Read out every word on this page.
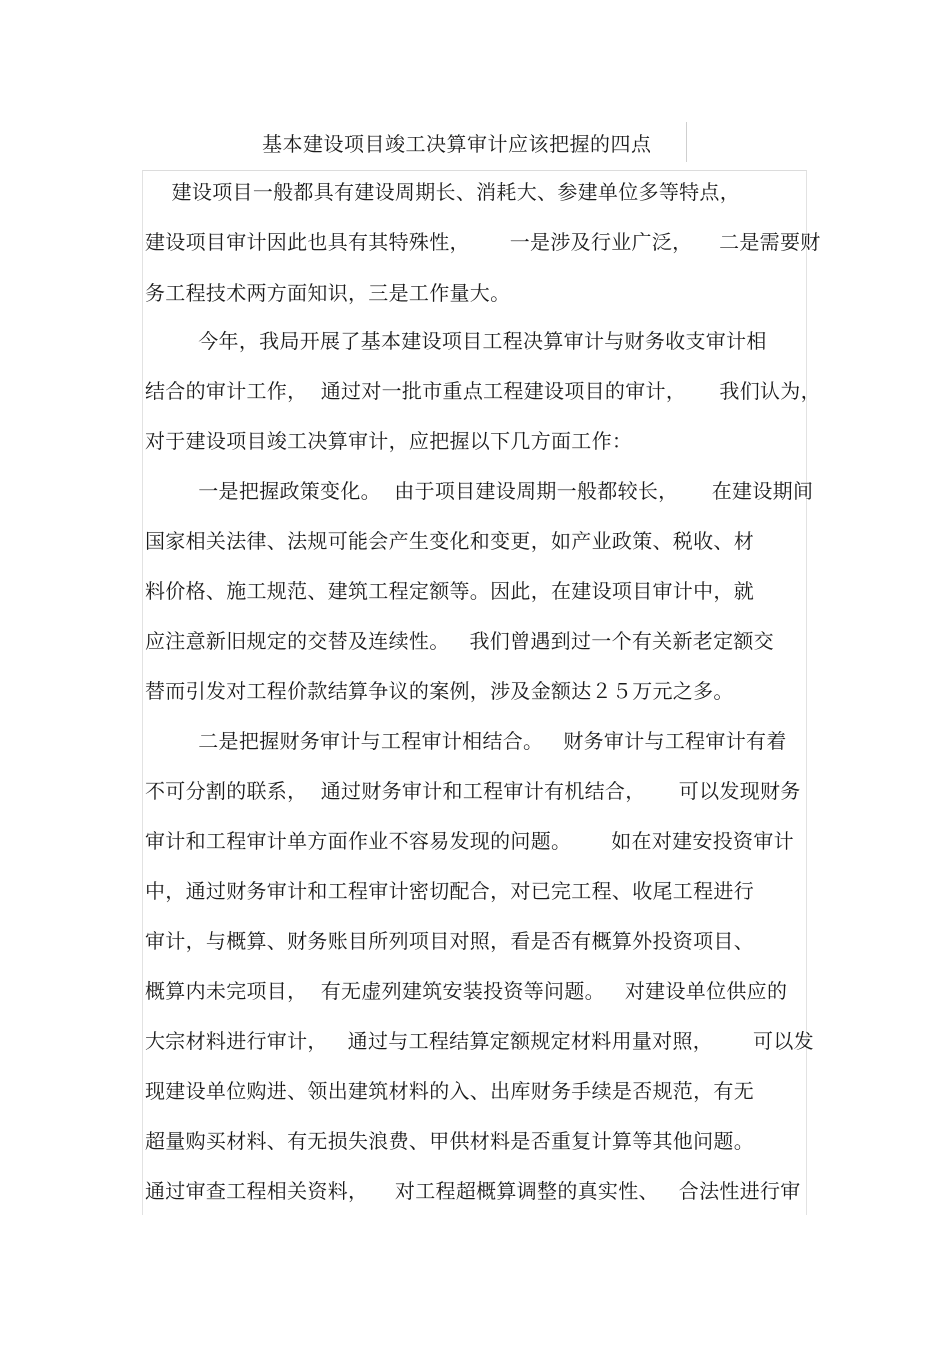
基本建设项目竣工决算审计应该把握的四点
建设项目一般都具有建设周期长、消耗大、参建单位多等特点，
建设项目审计因此也具有其特殊性，      一是涉及行业广泛，    二是需要财
务工程技术两方面知识，三是工作量大。
今年，我局开展了基本建设项目工程决算审计与财务收支审计相
结合的审计工作，  通过对一批市重点工程建设项目的审计，     我们认为，
对于建设项目竣工决算审计，应把握以下几方面工作：
一是把握政策变化。  由于项目建设周期一般都较长，     在建设期间
国家相关法律、法规可能会产生变化和变更，如产业政策、税收、材
料价格、施工规范、建筑工程定额等。因此，在建设项目审计中，就
应注意新旧规定的交替及连续性。   我们曾遇到过一个有关新老定额交
替而引发对工程价款结算争议的案例，涉及金额达２５万元之多。
二是把握财务审计与工程审计相结合。   财务审计与工程审计有着
不可分割的联系，  通过财务审计和工程审计有机结合，     可以发现财务
审计和工程审计单方面作业不容易发现的问题。      如在对建安投资审计
中，通过财务审计和工程审计密切配合，对已完工程、收尾工程进行
审计，与概算、财务账目所列项目对照，看是否有概算外投资项目、
概算内未完项目，  有无虚列建筑安装投资等问题。   对建设单位供应的
大宗材料进行审计，   通过与工程结算定额规定材料用量对照，      可以发
现建设单位购进、领出建筑材料的入、出库财务手续是否规范，有无
超量购买材料、有无损失浪费、甲供材料是否重复计算等其他问题。
通过审查工程相关资料，    对工程超概算调整的真实性、   合法性进行审
